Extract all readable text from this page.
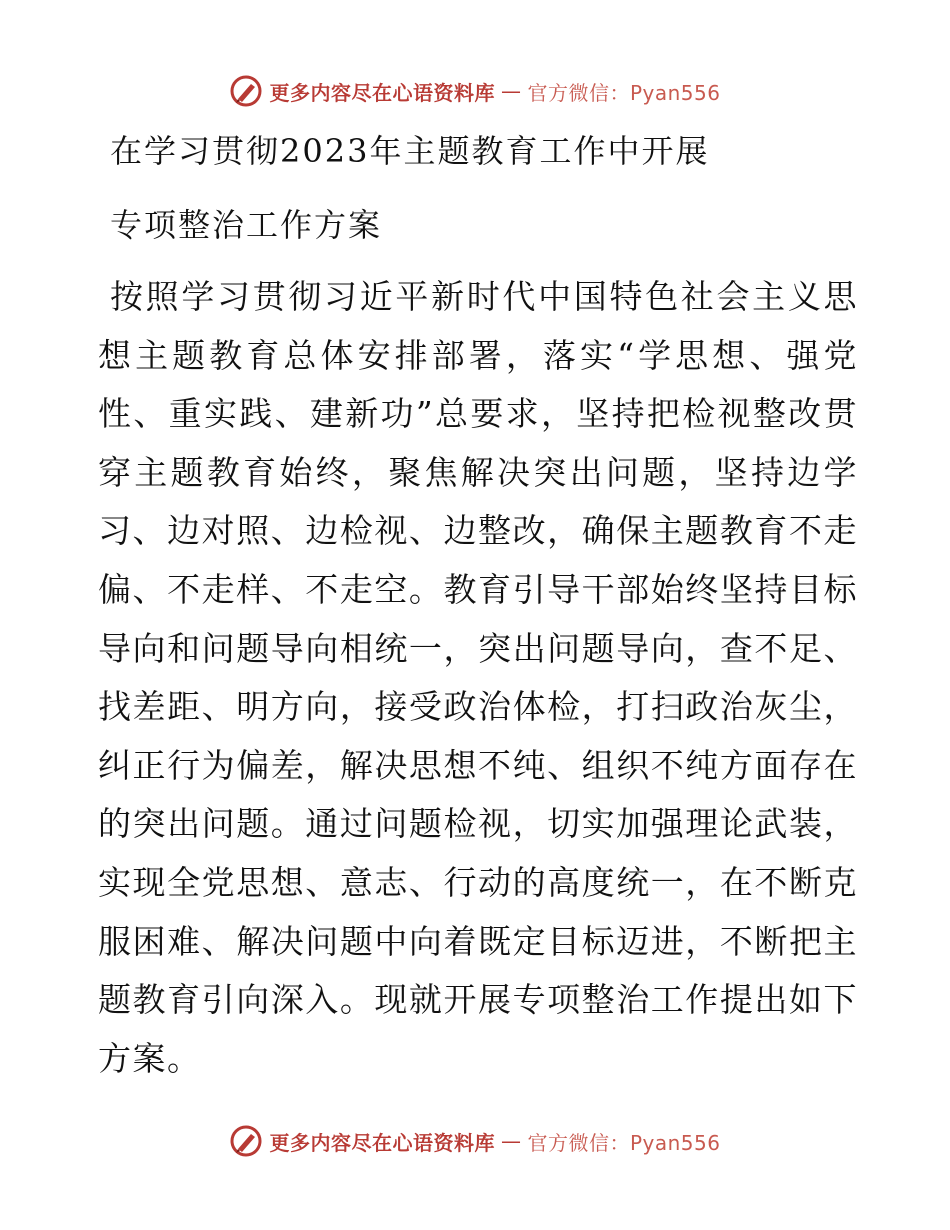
更多内容尽在心语资料库 — 官方微信：Pyan556
在学习贯彻2023年主题教育工作中开展
专项整治工作方案
按照学习贯彻习近平新时代中国特色社会主义思想主题教育总体安排部署，落实“学思想、强党性、重实践、建新功”总要求，坚持把检视整改贯穿主题教育始终，聚焦解决突出问题，坚持边学习、边对照、边检视、边整改，确保主题教育不走偏、不走样、不走空。教育引导干部始终坚持目标导向和问题导向相统一，突出问题导向，查不足、找差距、明方向，接受政治体检，打扫政治灰尘，纠正行为偏差，解决思想不纯、组织不纯方面存在的突出问题。通过问题检视，切实加强理论武装，实现全党思想、意志、行动的高度统一，在不断克服困难、解决问题中向着既定目标迈进，不断把主题教育引向深入。现就开展专项整治工作提出如下方案。
更多内容尽在心语资料库 — 官方微信：Pyan556
